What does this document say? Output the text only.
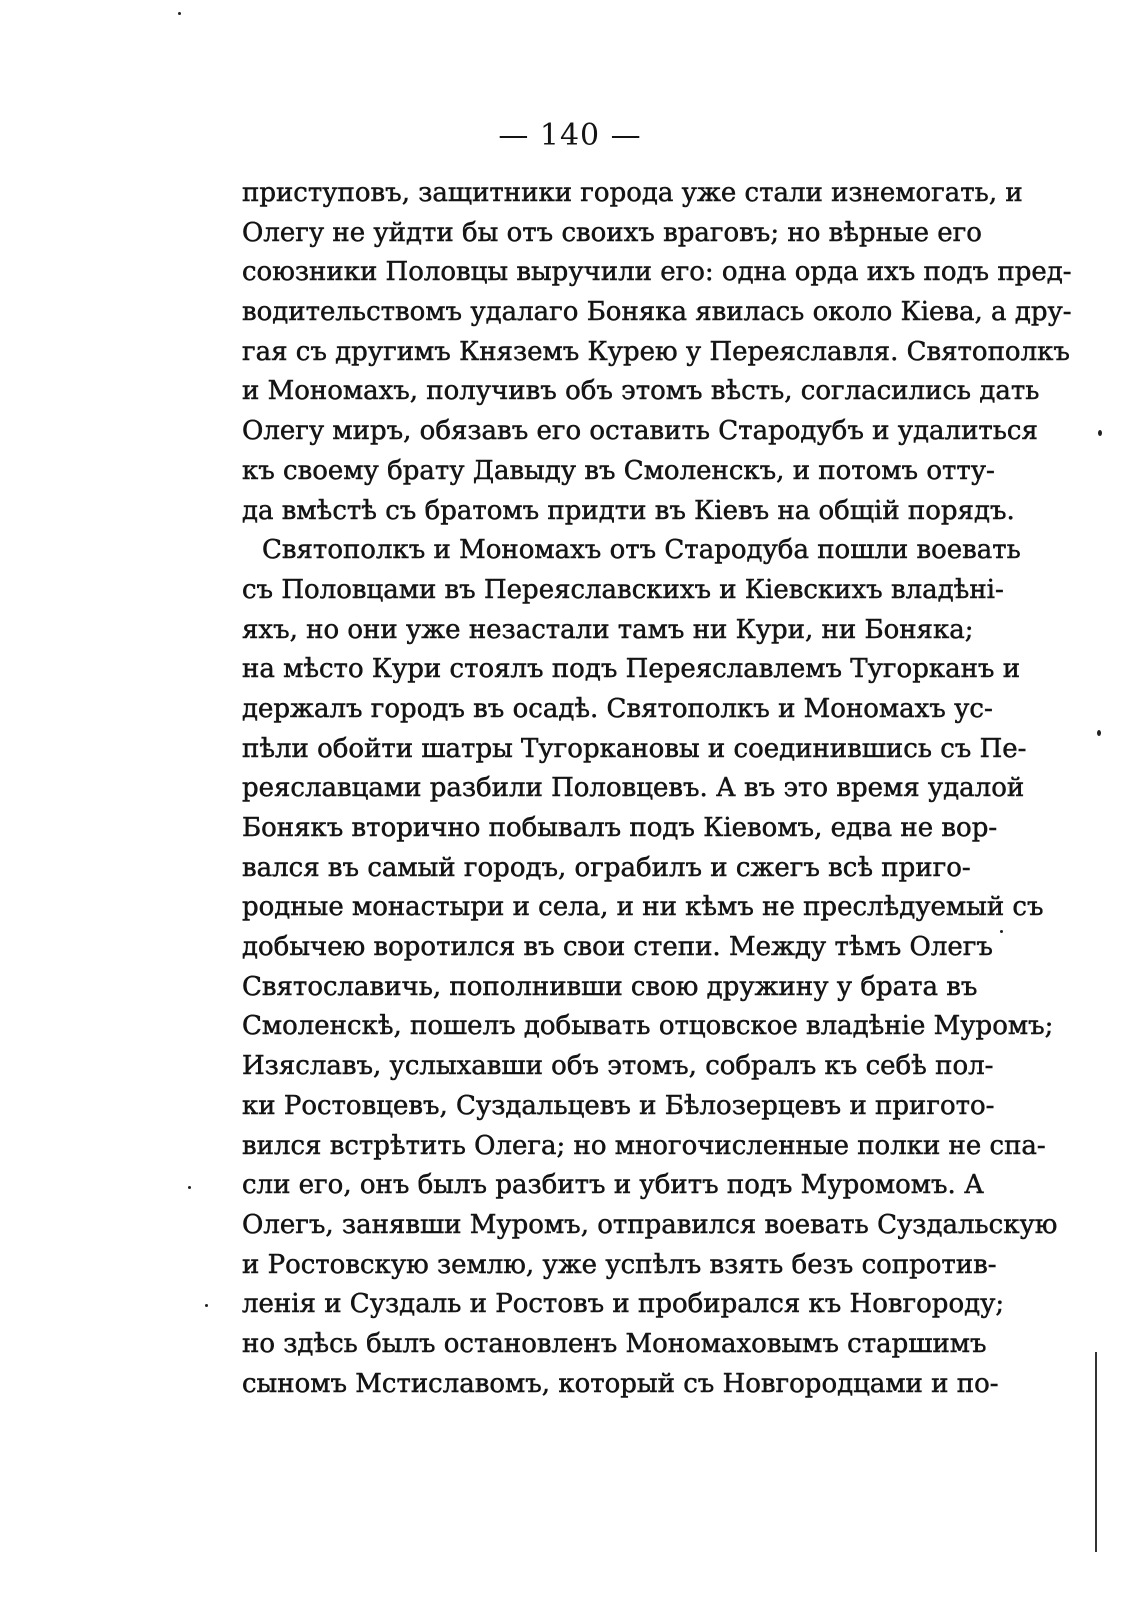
— 140 —
приступовъ, защитники города уже стали изнемогать, и
Олегу не уйдти бы отъ своихъ враговъ; но вѣрные его
союзники Половцы выручили его: одна орда ихъ подъ пред-
водительствомъ удалаго Боняка явилась около Кіева, а дру-
гая съ другимъ Княземъ Курею у Переяславля. Святополкъ
и Мономахъ, получивъ объ этомъ вѣсть, согласились дать
Олегу миръ, обязавъ его оставить Стародубъ и удалиться
къ своему брату Давыду въ Смоленскъ, и потомъ отту-
да вмѣстѣ съ братомъ придти въ Кіевъ на общій порядъ.
Святополкъ и Мономахъ отъ Стародуба пошли воевать
съ Половцами въ Переяславскихъ и Кіевскихъ владѣні-
яхъ, но они уже незастали тамъ ни Кури, ни Боняка;
на мѣсто Кури стоялъ подъ Переяславлемъ Тугорканъ и
держалъ городъ въ осадѣ. Святополкъ и Мономахъ ус-
пѣли обойти шатры Тугоркановы и соединившись съ Пе-
реяславцами разбили Половцевъ. А въ это время удалой
Бонякъ вторично побывалъ подъ Кіевомъ, едва не вор-
вался въ самый городъ, ограбилъ и сжегъ всѣ приго-
родные монастыри и села, и ни кѣмъ не преслѣдуемый съ
добычею воротился въ свои степи. Между тѣмъ Олегъ
Святославичь, пополнивши свою дружину у брата въ
Смоленскѣ, пошелъ добывать отцовское владѣніе Муромъ;
Изяславъ, услыхавши объ этомъ, собралъ къ себѣ пол-
ки Ростовцевъ, Суздальцевъ и Бѣлозерцевъ и пригото-
вился встрѣтить Олега; но многочисленные полки не спа-
сли его, онъ былъ разбитъ и убитъ подъ Муромомъ. А
Олегъ, занявши Муромъ, отправился воевать Суздальскую
и Ростовскую землю, уже успѣлъ взять безъ сопротив-
ленія и Суздаль и Ростовъ и пробирался къ Новгороду;
но здѣсь былъ остановленъ Мономаховымъ старшимъ
сыномъ Мстиславомъ, который съ Новгородцами и по-
